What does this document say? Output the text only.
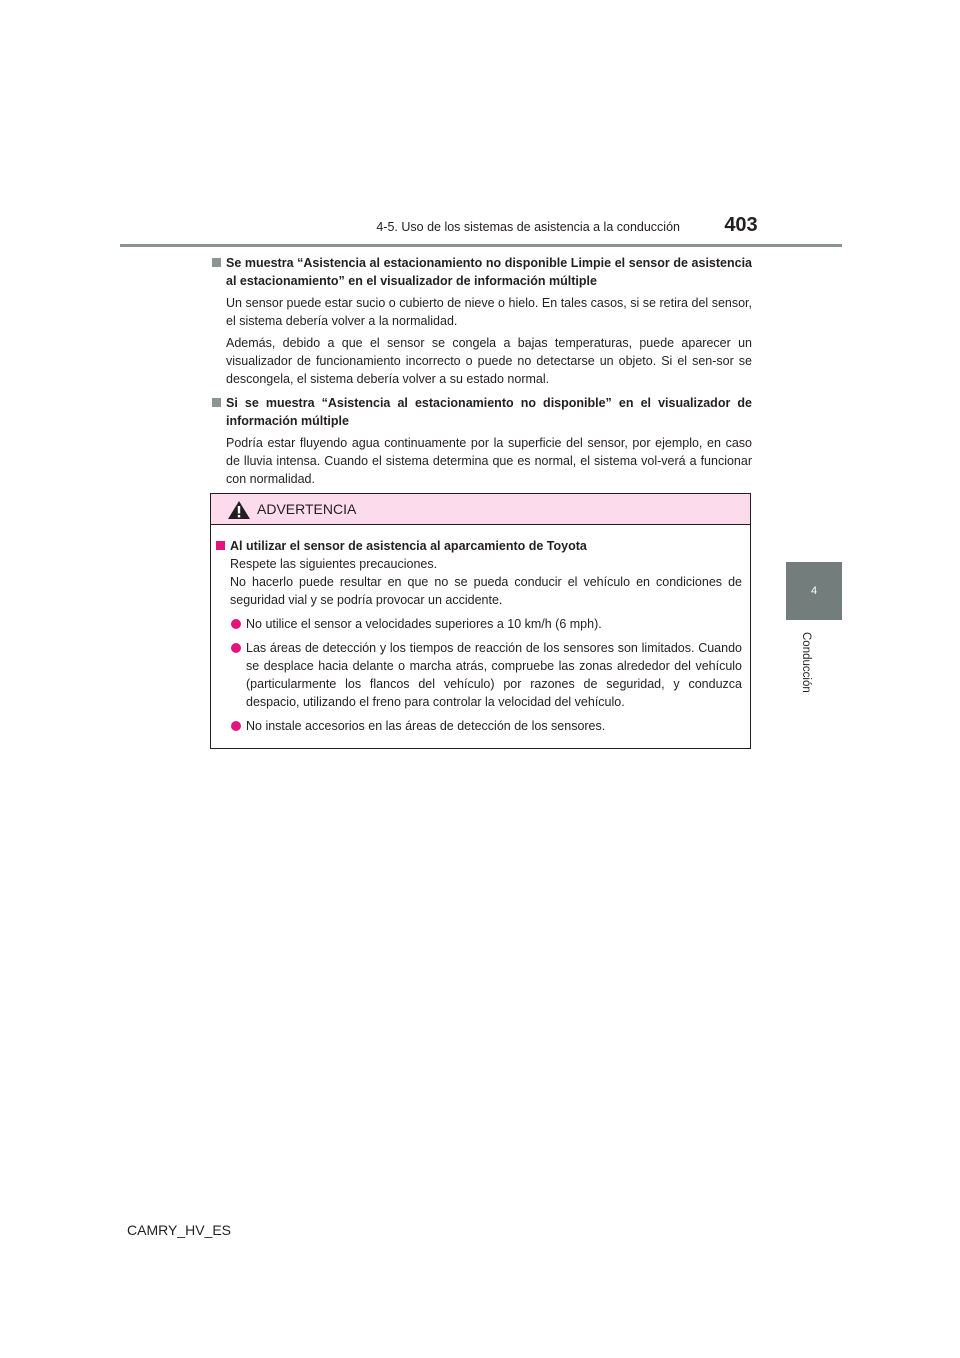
4-5. Uso de los sistemas de asistencia a la conducción	403
4
Conducción

Se muestra “Asistencia al estacionamiento no disponible Limpie el sensor de asistencia al estacionamiento” en el visualizador de información múltiple

Un sensor puede estar sucio o cubierto de nieve o hielo. En tales casos, si se retira del sensor, el sistema debería volver a la normalidad.

Además, debido a que el sensor se congela a bajas temperaturas, puede aparecer un visualizador de funcionamiento incorrecto o puede no detectarse un objeto. Si el sen-sor se descongela, el sistema debería volver a su estado normal.

Si se muestra “Asistencia al estacionamiento no disponible” en el visualizador de información múltiple

Podría estar fluyendo agua continuamente por la superficie del sensor, por ejemplo, en caso de lluvia intensa. Cuando el sistema determina que es normal, el sistema vol-verá a funcionar con normalidad.

ADVERTENCIA

Al utilizar el sensor de asistencia al aparcamiento de Toyota

Respete las siguientes precauciones.
No hacerlo puede resultar en que no se pueda conducir el vehículo en condiciones de seguridad vial y se podría provocar un accidente.
No utilice el sensor a velocidades superiores a 10 km/h (6 mph).
Las áreas de detección y los tiempos de reacción de los sensores son limitados. Cuando se desplace hacia delante o marcha atrás, compruebe las zonas alrededor del vehículo (particularmente los flancos del vehículo) por razones de seguridad, y conduzca despacio, utilizando el freno para controlar la velocidad del vehículo.
No instale accesorios en las áreas de detección de los sensores.
CAMRY_HV_ES
